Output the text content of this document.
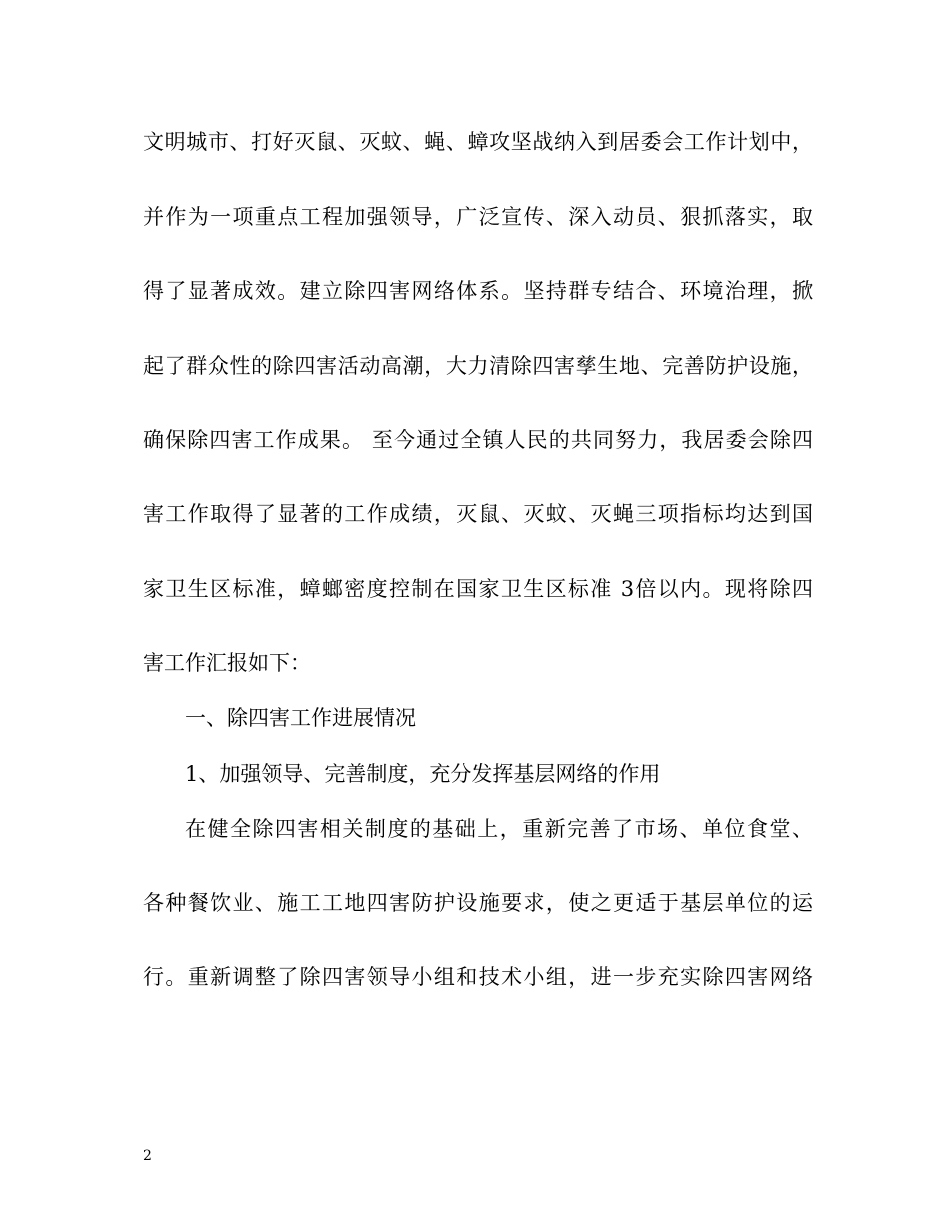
文明城市、打好灭鼠、灭蚊、蝇、蟑攻坚战纳入到居委会工作计划中，
并作为一项重点工程加强领导，广泛宣传、深入动员、狠抓落实，取
得了显著成效。建立除四害网络体系。坚持群专结合、环境治理，掀
起了群众性的除四害活动高潮，大力清除四害孳生地、完善防护设施，
确保除四害工作成果。 至今通过全镇人民的共同努力，我居委会除四
害工作取得了显著的工作成绩，灭鼠、灭蚊、灭蝇三项指标均达到国
家卫生区标准，蟑螂密度控制在国家卫生区标准 3倍以内。现将除四
害工作汇报如下：
一、除四害工作进展情况
1、加强领导、完善制度，充分发挥基层网络的作用
在健全除四害相关制度的基础上，重新完善了市场、单位食堂、
各种餐饮业、施工工地四害防护设施要求，使之更适于基层单位的运
行。重新调整了除四害领导小组和技术小组，进一步充实除四害网络
2
